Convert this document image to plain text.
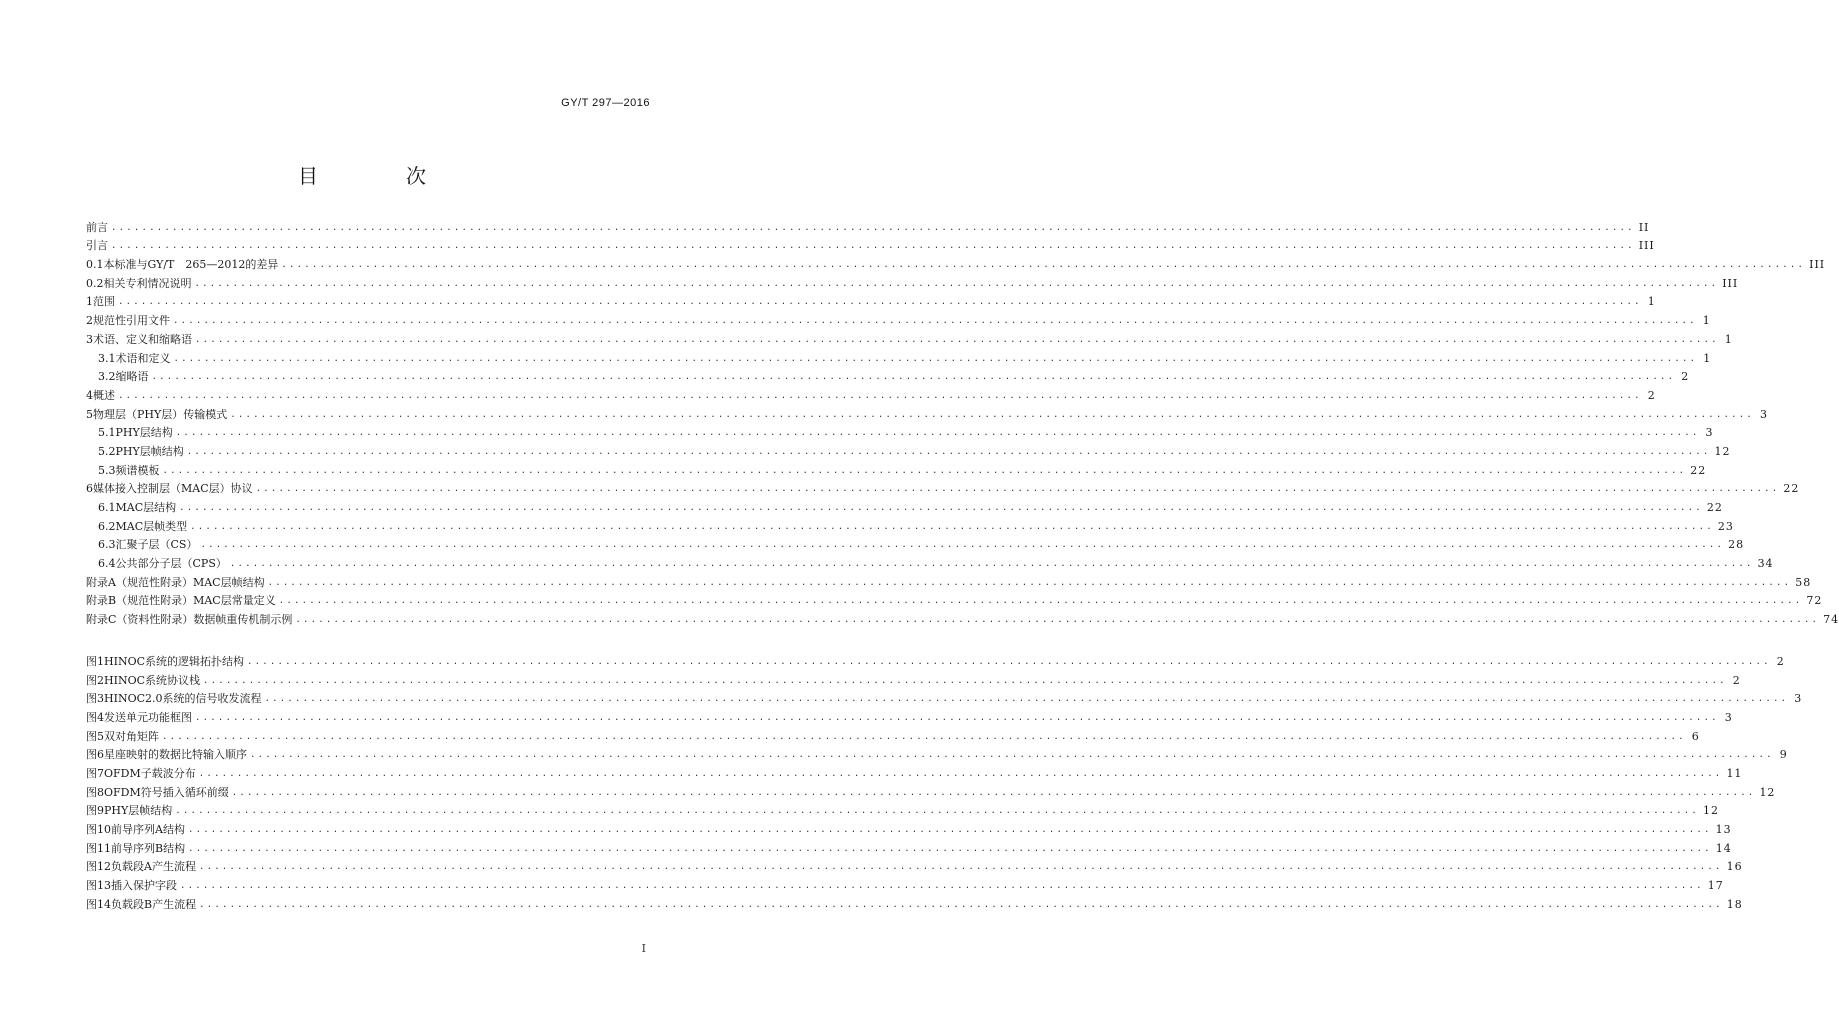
GY/T 297—2016
目　次
前言 ........................................................................................................................................................................................................ II
引言 ........................................................................................................................................................................................................ III
0.1 本标准与GY/T　265—2012的差异 ........................................................................................................................................................................................................ III
0.2 相关专利情况说明 ........................................................................................................................................................................................................ III
1 范围 ........................................................................................................................................................................................................ 1
2 规范性引用文件 ........................................................................................................................................................................................................ 1
3 术语、定义和缩略语 ........................................................................................................................................................................................................ 1
3.1 术语和定义 ........................................................................................................................................................................................................ 1
3.2 缩略语 ........................................................................................................................................................................................................ 2
4 概述 ........................................................................................................................................................................................................ 2
5 物理层（PHY层）传输模式 ........................................................................................................................................................................................................ 3
5.1 PHY层结构 ........................................................................................................................................................................................................ 3
5.2 PHY层帧结构 ........................................................................................................................................................................................................ 12
5.3 频谱模板 ........................................................................................................................................................................................................ 22
6 媒体接入控制层（MAC层）协议 ........................................................................................................................................................................................................ 22
6.1 MAC层结构 ........................................................................................................................................................................................................ 22
6.2 MAC层帧类型 ........................................................................................................................................................................................................ 23
6.3 汇聚子层（CS） ........................................................................................................................................................................................................ 28
6.4 公共部分子层（CPS） ........................................................................................................................................................................................................ 34
附录A（规范性附录） MAC层帧结构 ........................................................................................................................................................................................................ 58
附录B（规范性附录） MAC层常量定义 ........................................................................................................................................................................................................ 72
附录C（资料性附录） 数据帧重传机制示例 ........................................................................................................................................................................................................ 74
图1 HINOC系统的逻辑拓扑结构 ........................................................................................................................................................................................................ 2
图2 HINOC系统协议栈 ........................................................................................................................................................................................................ 2
图3 HINOC2.0系统的信号收发流程 ........................................................................................................................................................................................................ 3
图4 发送单元功能框图 ........................................................................................................................................................................................................ 3
图5 双对角矩阵 ........................................................................................................................................................................................................ 6
图6 星座映射的数据比特输入顺序 ........................................................................................................................................................................................................ 9
图7 OFDM子载波分布 ........................................................................................................................................................................................................ 11
图8 OFDM符号插入循环前缀 ........................................................................................................................................................................................................ 12
图9 PHY层帧结构 ........................................................................................................................................................................................................ 12
图10 前导序列A结构 ........................................................................................................................................................................................................ 13
图11 前导序列B结构 ........................................................................................................................................................................................................ 14
图12 负载段A产生流程 ........................................................................................................................................................................................................ 16
图13 插入保护字段 ........................................................................................................................................................................................................ 17
图14 负载段B产生流程 ........................................................................................................................................................................................................ 18
I
